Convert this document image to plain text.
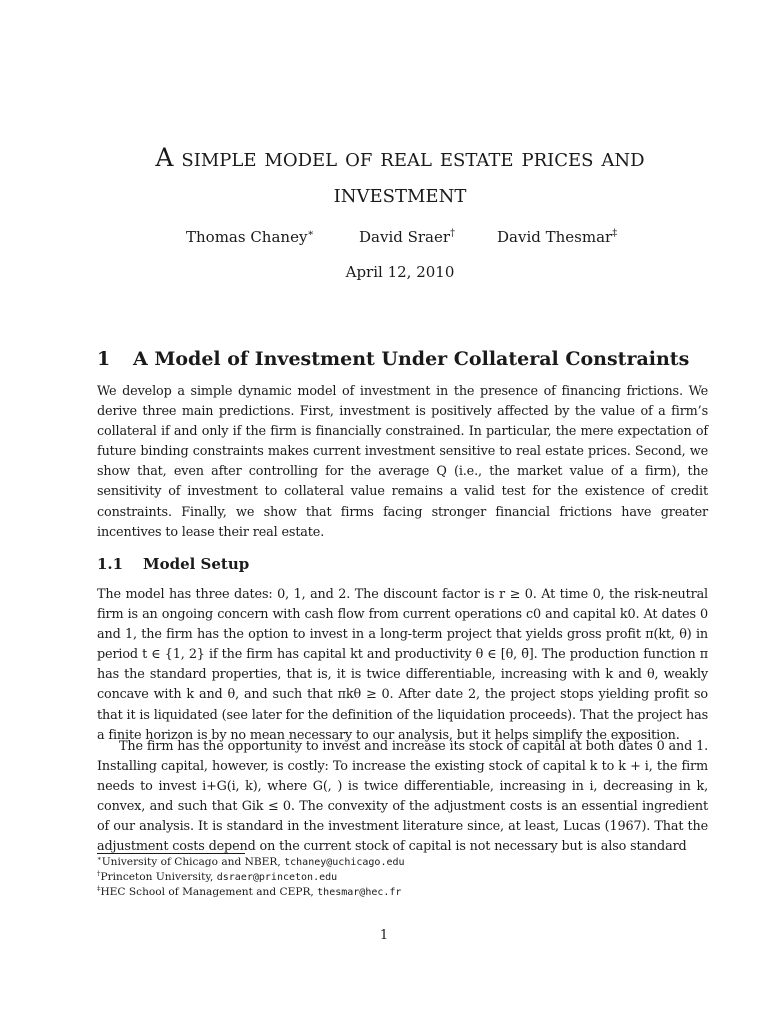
A simple model of real estate prices and investment
Thomas Chaney∗	David Sraer†	David Thesmar‡
April 12, 2010
1 A Model of Investment Under Collateral Constraints

We develop a simple dynamic model of investment in the presence of financing frictions. We derive three main predictions. First, investment is positively affected by the value of a firm’s collateral if and only if the firm is financially constrained. In particular, the mere expectation of future binding constraints makes current investment sensitive to real estate prices. Second, we show that, even after controlling for the average Q (i.e., the market value of a firm), the sensitivity of investment to collateral value remains a valid test for the existence of credit constraints. Finally, we show that firms facing stronger financial frictions have greater incentives to lease their real estate.

1.1 Model Setup

The model has three dates: 0, 1, and 2. The discount factor is r ≥ 0. At time 0, the risk-neutral firm is an ongoing concern with cash flow from current operations c0 and capital k0. At dates 0 and 1, the firm has the option to invest in a long-term project that yields gross profit π(kt, θ) in period t ∈ {1, 2} if the firm has capital kt and productivity θ ∈ [θ, θ̄]. The production function π has the standard properties, that is, it is twice differentiable, increasing with k and θ, weakly concave with k and θ, and such that πkθ ≥ 0. After date 2, the project stops yielding profit so that it is liquidated (see later for the definition of the liquidation proceeds). That the project has a finite horizon is by no mean necessary to our analysis, but it helps simplify the exposition.

The firm has the opportunity to invest and increase its stock of capital at both dates 0 and 1. Installing capital, however, is costly: To increase the existing stock of capital k to k + i, the firm needs to invest i+G(i, k), where G(, ) is twice differentiable, increasing in i, decreasing in k, convex, and such that Gik ≤ 0. The convexity of the adjustment costs is an essential ingredient of our analysis. It is standard in the investment literature since, at least, Lucas (1967). That the adjustment costs depend on the current stock of capital is not necessary but is also standard

∗University of Chicago and NBER, tchaney@uchicago.edu
†Princeton University, dsraer@princeton.edu
‡HEC School of Management and CEPR, thesmar@hec.fr
1
